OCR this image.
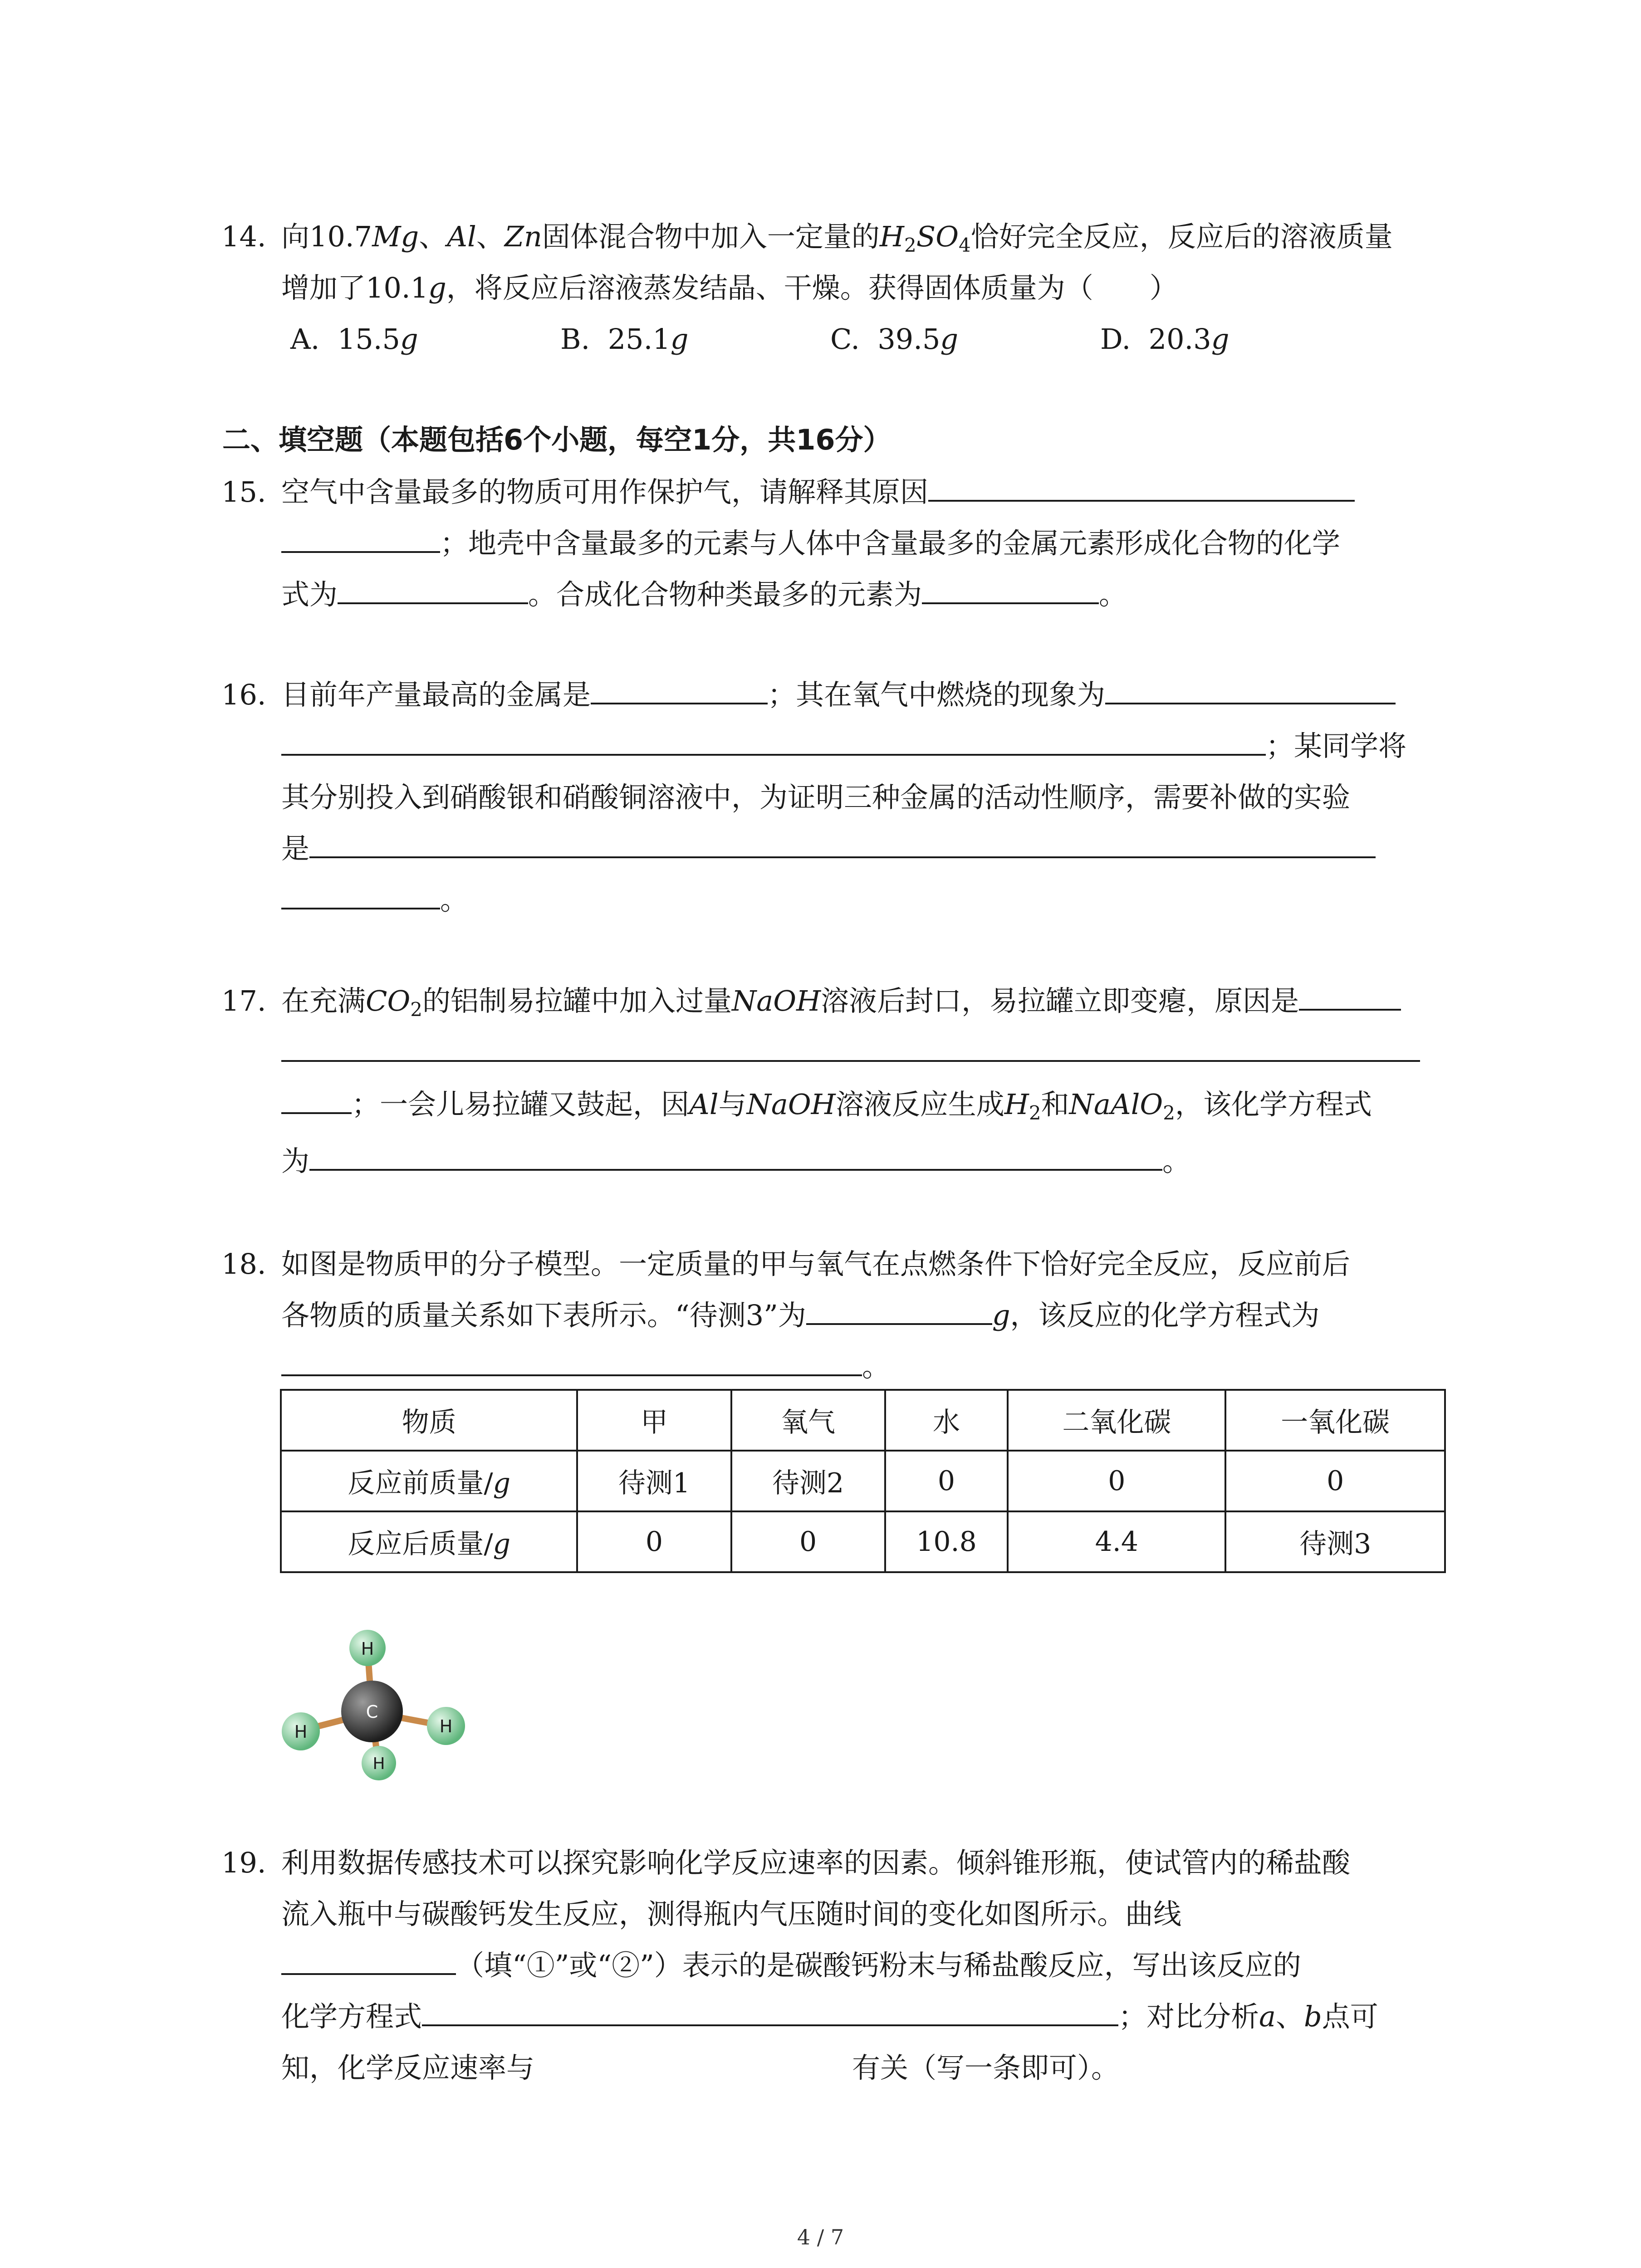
14. 向10.7Mg、Al、Zn固体混合物中加入一定量的$H_2SO_4$恰好完全反应，反应后的溶液质量
增加了10.1g，将反应后溶液蒸发结晶、干燥。获得固体质量为（　　）
A. 15.5g	B. 25.1g	C. 39.5g	D. 20.3g
二、填空题（本题包括6个小题，每空1分，共16分）
15. 空气中含量最多的物质可用作保护气，请解释其原因
；地壳中含量最多的元素与人体中含量最多的金属元素形成化合物的化学
式为	。合成化合物种类最多的元素为	。
16. 目前年产量最高的金属是	；其在氧气中燃烧的现象为
；某同学将
其分别投入到硝酸银和硝酸铜溶液中，为证明三种金属的活动性顺序，需要补做的实验
是
。
17. 在充满$CO_2$的铝制易拉罐中加入过量NaOH溶液后封口，易拉罐立即变瘪，原因是
；一会儿易拉罐又鼓起，因Al与NaOH溶液反应生成$H_2$和NaAlO$_2$，该化学方程式
为	。
18. 如图是物质甲的分子模型。一定质量的甲与氧气在点燃条件下恰好完全反应，反应前后
各物质的质量关系如下表所示。“待测3”为	g，该反应的化学方程式为
。
物质	甲	氧气	水	二氧化碳	一氧化碳
反应前质量/g	待测1	待测2	0	0	0
反应后质量/g	0	0	10.8	4.4	待测3
H
H	H
C
H
19. 利用数据传感技术可以探究影响化学反应速率的因素。倾斜锥形瓶，使试管内的稀盐酸
流入瓶中与碳酸钙发生反应，测得瓶内气压随时间的变化如图所示。曲线
（填“①”或“②”）表示的是碳酸钙粉末与稀盐酸反应，写出该反应的
化学方程式	；对比分析a、b点可
知，化学反应速率与	有关（写一条即可）。
4 / 7
